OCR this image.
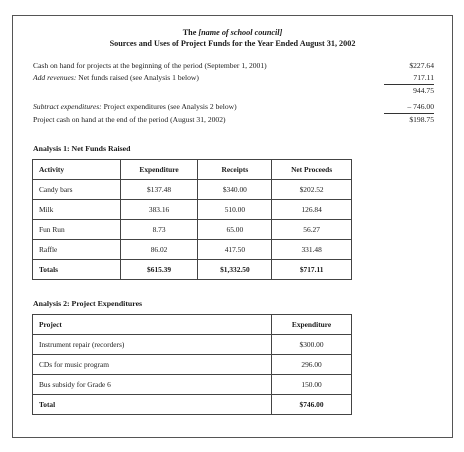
The [name of school council]
Sources and Uses of Project Funds for the Year Ended August 31, 2002
Cash on hand for projects at the beginning of the period (September 1, 2001)	$227.64
Add revenues: Net funds raised (see Analysis 1 below)	717.11
944.75
Subtract expenditures: Project expenditures (see Analysis 2 below)	– 746.00
Project cash on hand at the end of the period (August 31, 2002)	$198.75
Analysis 1: Net Funds Raised
Activity	Expenditure	Receipts	Net Proceeds
Candy bars	$137.48	$340.00	$202.52
Milk	383.16	510.00	126.84
Fun Run	8.73	65.00	56.27
Raffle	86.02	417.50	331.48
Totals	$615.39	$1,332.50	$717.11
Analysis 2: Project Expenditures
Project	Expenditure
Instrument repair (recorders)	$300.00
CDs for music program	296.00
Bus subsidy for Grade 6	150.00
Total	$746.00
